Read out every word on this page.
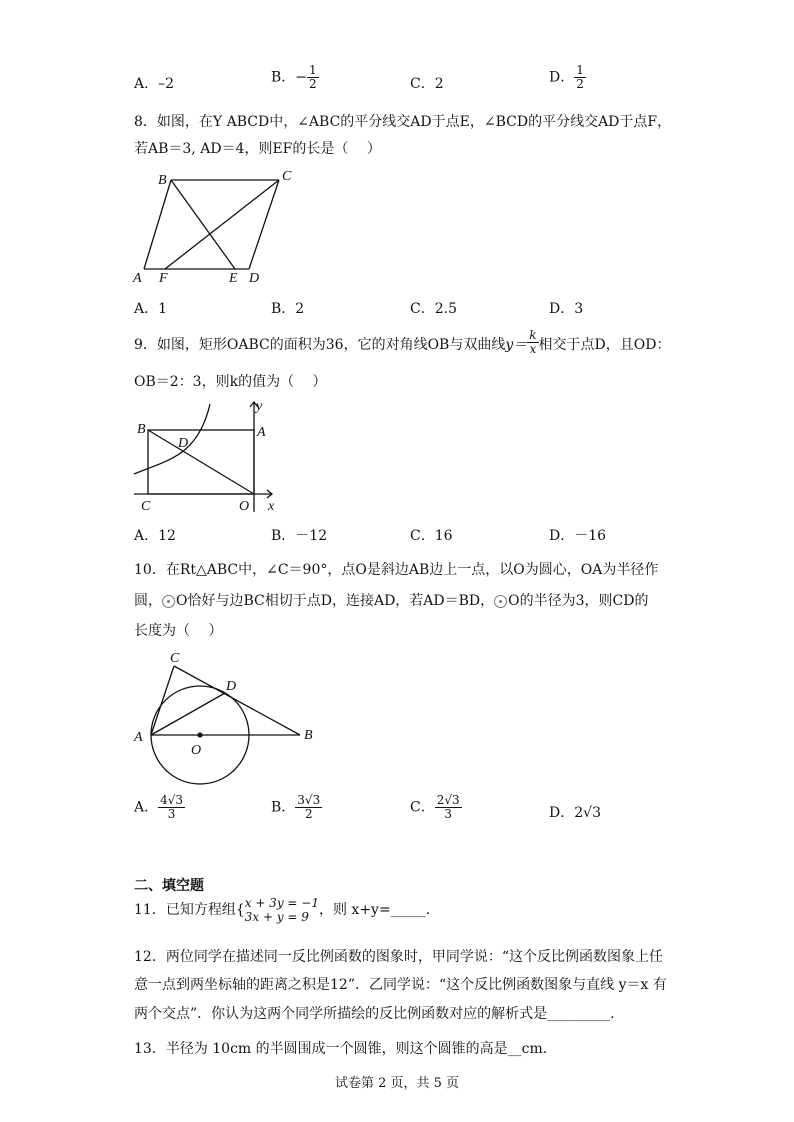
A．–2	B．− $\frac{1}{2}$	C．2	D． $\frac{1}{2}$
8．如图，在Y ABCD中，∠ABC的平分线交AD于点E，∠BCD的平分线交AD于点F，
若AB＝3, AD＝4，则EF的长是（　 ）
B	C
A F	E D
A．1	B．2	C．2.5	D．3
9．如图，矩形OABC的面积为36，它的对角线OB与双曲线$y= \frac{k}{x}$ 相交于点D，且OD：
OB＝2：3，则k的值为（　 ）
y
x
B	A
D
C	O
A．12	B．－12	C．16	D．－16
10．在Rt△ABC中，∠C＝90°，点O是斜边AB边上一点，以O为圆心，OA为半径作
圆， O恰好与边BC相切于点D，连接AD，若AD＝BD， O的半径为3，则CD的
长度为（　 ）
C
D
A
O
B
A． $\frac{4√3}{3}$	B． $\frac{3√3}{2}$	C． $\frac{2√3}{3}$	D．2√3
二、填空题
11．已知方程组{ x + 3y = −1
3x + y = 9 ，则 x+y=_____.
12．两位同学在描述同一反比例函数的图象时，甲同学说：“这个反比例函数图象上任
意一点到两坐标轴的距离之积是12”．乙同学说：“这个反比例函数图象与直线 y＝x 有
两个交点”．你认为这两个同学所描绘的反比例函数对应的解析式是_________.
13．半径为 10cm 的半圆围成一个圆锥，则这个圆锥的高是__cm.
试卷第 2 页，共 5 页
